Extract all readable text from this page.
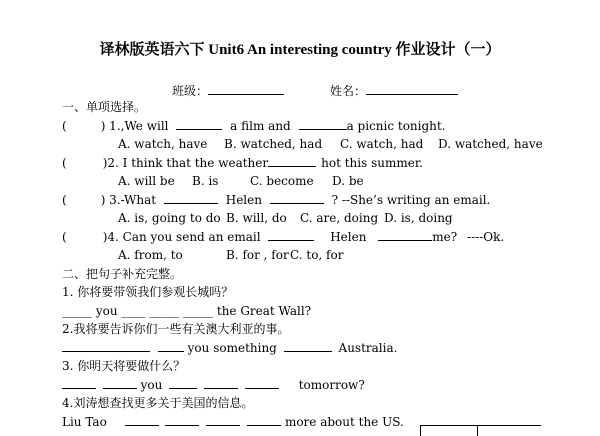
译林版英语六下 Unit6 An interesting country 作业设计（一）
班级：	姓名：
一、单项选择。
(	) 1.,We will	a film and	a picnic tonight.
A. watch, have B. watched, had C. watch, had D. watched, have
(	)2. I think that the weather	hot this summer.
A. will be B. is	C. become D. be
(	) 3.-What	Helen	? --She’s writing an email.
A. is, going to do B. will, do C. are, doing D. is, doing
(	)4. Can you send an email	Helen	me? ----Ok.
A. from, to	B. for , forC. to, for
二、把句子补充完整。
1. 你将要带领我们参观长城吗？
_____ you ____ _____ _____ the Great Wall?
2.我将要告诉你们一些有关澳大利亚的事。
you something	Australia.
3. 你明天将要做什么？
you	tomorrow?
4.刘涛想查找更多关于美国的信息。
Liu Tao	more about the US.
